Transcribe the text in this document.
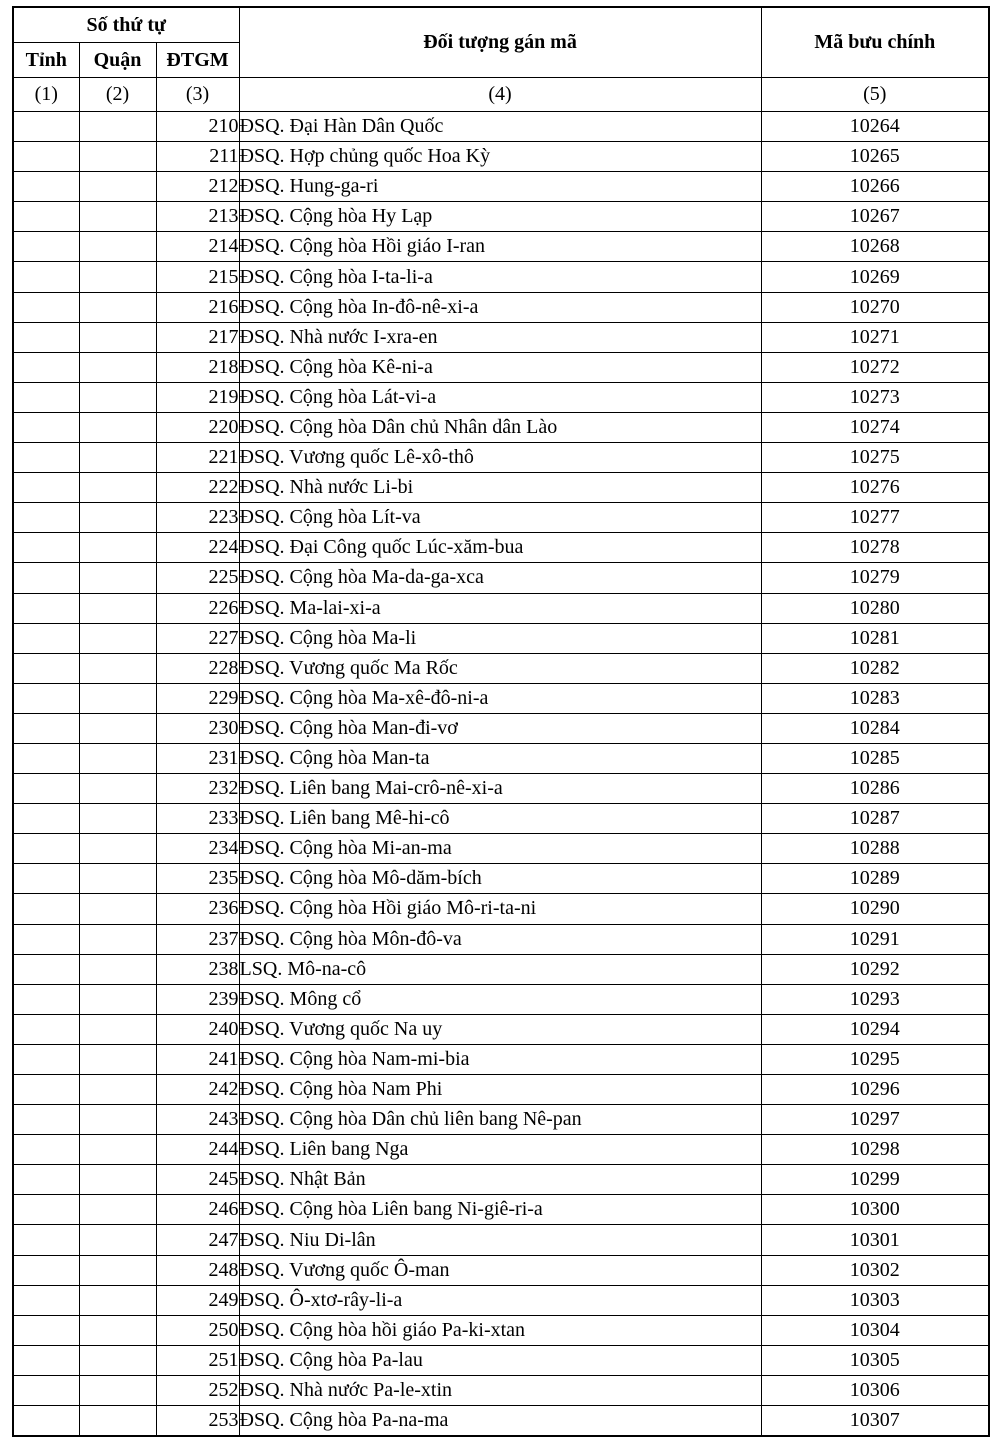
Số thứ tự			Đối tượng gán mã	Mã bưu chính
Tỉnh	Quận	ĐTGM		
(1)	(2)	(3)	(4)	(5)
		210	ĐSQ. Đại Hàn Dân Quốc	10264
		211	ĐSQ. Hợp chủng quốc Hoa Kỳ	10265
		212	ĐSQ. Hung-ga-ri	10266
		213	ĐSQ. Cộng hòa Hy Lạp	10267
		214	ĐSQ. Cộng hòa Hồi giáo I-ran	10268
		215	ĐSQ. Cộng hòa I-ta-li-a	10269
		216	ĐSQ. Cộng hòa In-đô-nê-xi-a	10270
		217	ĐSQ. Nhà nước I-xra-en	10271
		218	ĐSQ. Cộng hòa Kê-ni-a	10272
		219	ĐSQ. Cộng hòa Lát-vi-a	10273
		220	ĐSQ. Cộng hòa Dân chủ Nhân dân Lào	10274
		221	ĐSQ. Vương quốc Lê-xô-thô	10275
		222	ĐSQ. Nhà nước Li-bi	10276
		223	ĐSQ. Cộng hòa Lít-va	10277
		224	ĐSQ. Đại Công quốc Lúc-xăm-bua	10278
		225	ĐSQ. Cộng hòa Ma-da-ga-xca	10279
		226	ĐSQ. Ma-lai-xi-a	10280
		227	ĐSQ. Cộng hòa Ma-li	10281
		228	ĐSQ. Vương quốc Ma Rốc	10282
		229	ĐSQ. Cộng hòa Ma-xê-đô-ni-a	10283
		230	ĐSQ. Cộng hòa Man-đi-vơ	10284
		231	ĐSQ. Cộng hòa Man-ta	10285
		232	ĐSQ. Liên bang Mai-crô-nê-xi-a	10286
		233	ĐSQ. Liên bang Mê-hi-cô	10287
		234	ĐSQ. Cộng hòa Mi-an-ma	10288
		235	ĐSQ. Cộng hòa Mô-dăm-bích	10289
		236	ĐSQ. Cộng hòa Hồi giáo Mô-ri-ta-ni	10290
		237	ĐSQ. Cộng hòa Môn-đô-va	10291
		238	LSQ. Mô-na-cô	10292
		239	ĐSQ. Mông cổ	10293
		240	ĐSQ. Vương quốc Na uy	10294
		241	ĐSQ. Cộng hòa Nam-mi-bia	10295
		242	ĐSQ. Cộng hòa Nam Phi	10296
		243	ĐSQ. Cộng hòa Dân chủ liên bang Nê-pan	10297
		244	ĐSQ. Liên bang Nga	10298
		245	ĐSQ. Nhật Bản	10299
		246	ĐSQ. Cộng hòa Liên bang Ni-giê-ri-a	10300
		247	ĐSQ. Niu Di-lân	10301
		248	ĐSQ. Vương quốc Ô-man	10302
		249	ĐSQ. Ô-xtơ-rây-li-a	10303
		250	ĐSQ. Cộng hòa hồi giáo Pa-ki-xtan	10304
		251	ĐSQ. Cộng hòa Pa-lau	10305
		252	ĐSQ. Nhà nước Pa-le-xtin	10306
		253	ĐSQ. Cộng hòa Pa-na-ma	10307
